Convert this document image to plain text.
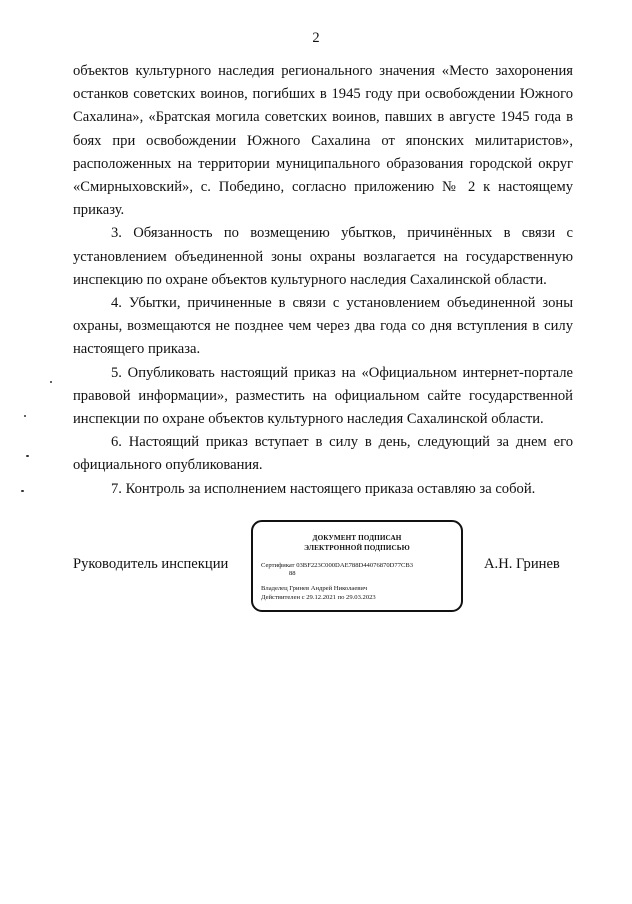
2

объектов культурного наследия регионального значения «Место захоронения останков советских воинов, погибших в 1945 году при освобождении Южного Сахалина», «Братская могила советских воинов, павших в августе 1945 года в боях при освобождении Южного Сахалина от японских милитаристов», расположенных на территории муниципального образования городской округ «Смирныховский», с. Победино, согласно приложению № 2 к настоящему приказу.

3. Обязанность по возмещению убытков, причинённых в связи с установлением объединенной зоны охраны возлагается на государственную инспекцию по охране объектов культурного наследия Сахалинской области.

4. Убытки, причиненные в связи с установлением объединенной зоны охраны, возмещаются не позднее чем через два года со дня вступления в силу настоящего приказа.

5. Опубликовать настоящий приказ на «Официальном интернет-портале правовой информации», разместить на официальном сайте государственной инспекции по охране объектов культурного наследия Сахалинской области.

6. Настоящий приказ вступает в силу в день, следующий за днем его официального опубликования.

7. Контроль за исполнением настоящего приказа оставляю за собой.

Руководитель инспекции	А.Н. Гринев
ДОКУМЕНТ ПОДПИСАН
ЭЛЕКТРОННОЙ ПОДПИСЬЮ
Сертификат 03BF223C000DAE788D44076870D77CB3
88
Владелец Гринев Андрей Николаевич
Действителен с 29.12.2021 по 29.03.2023
